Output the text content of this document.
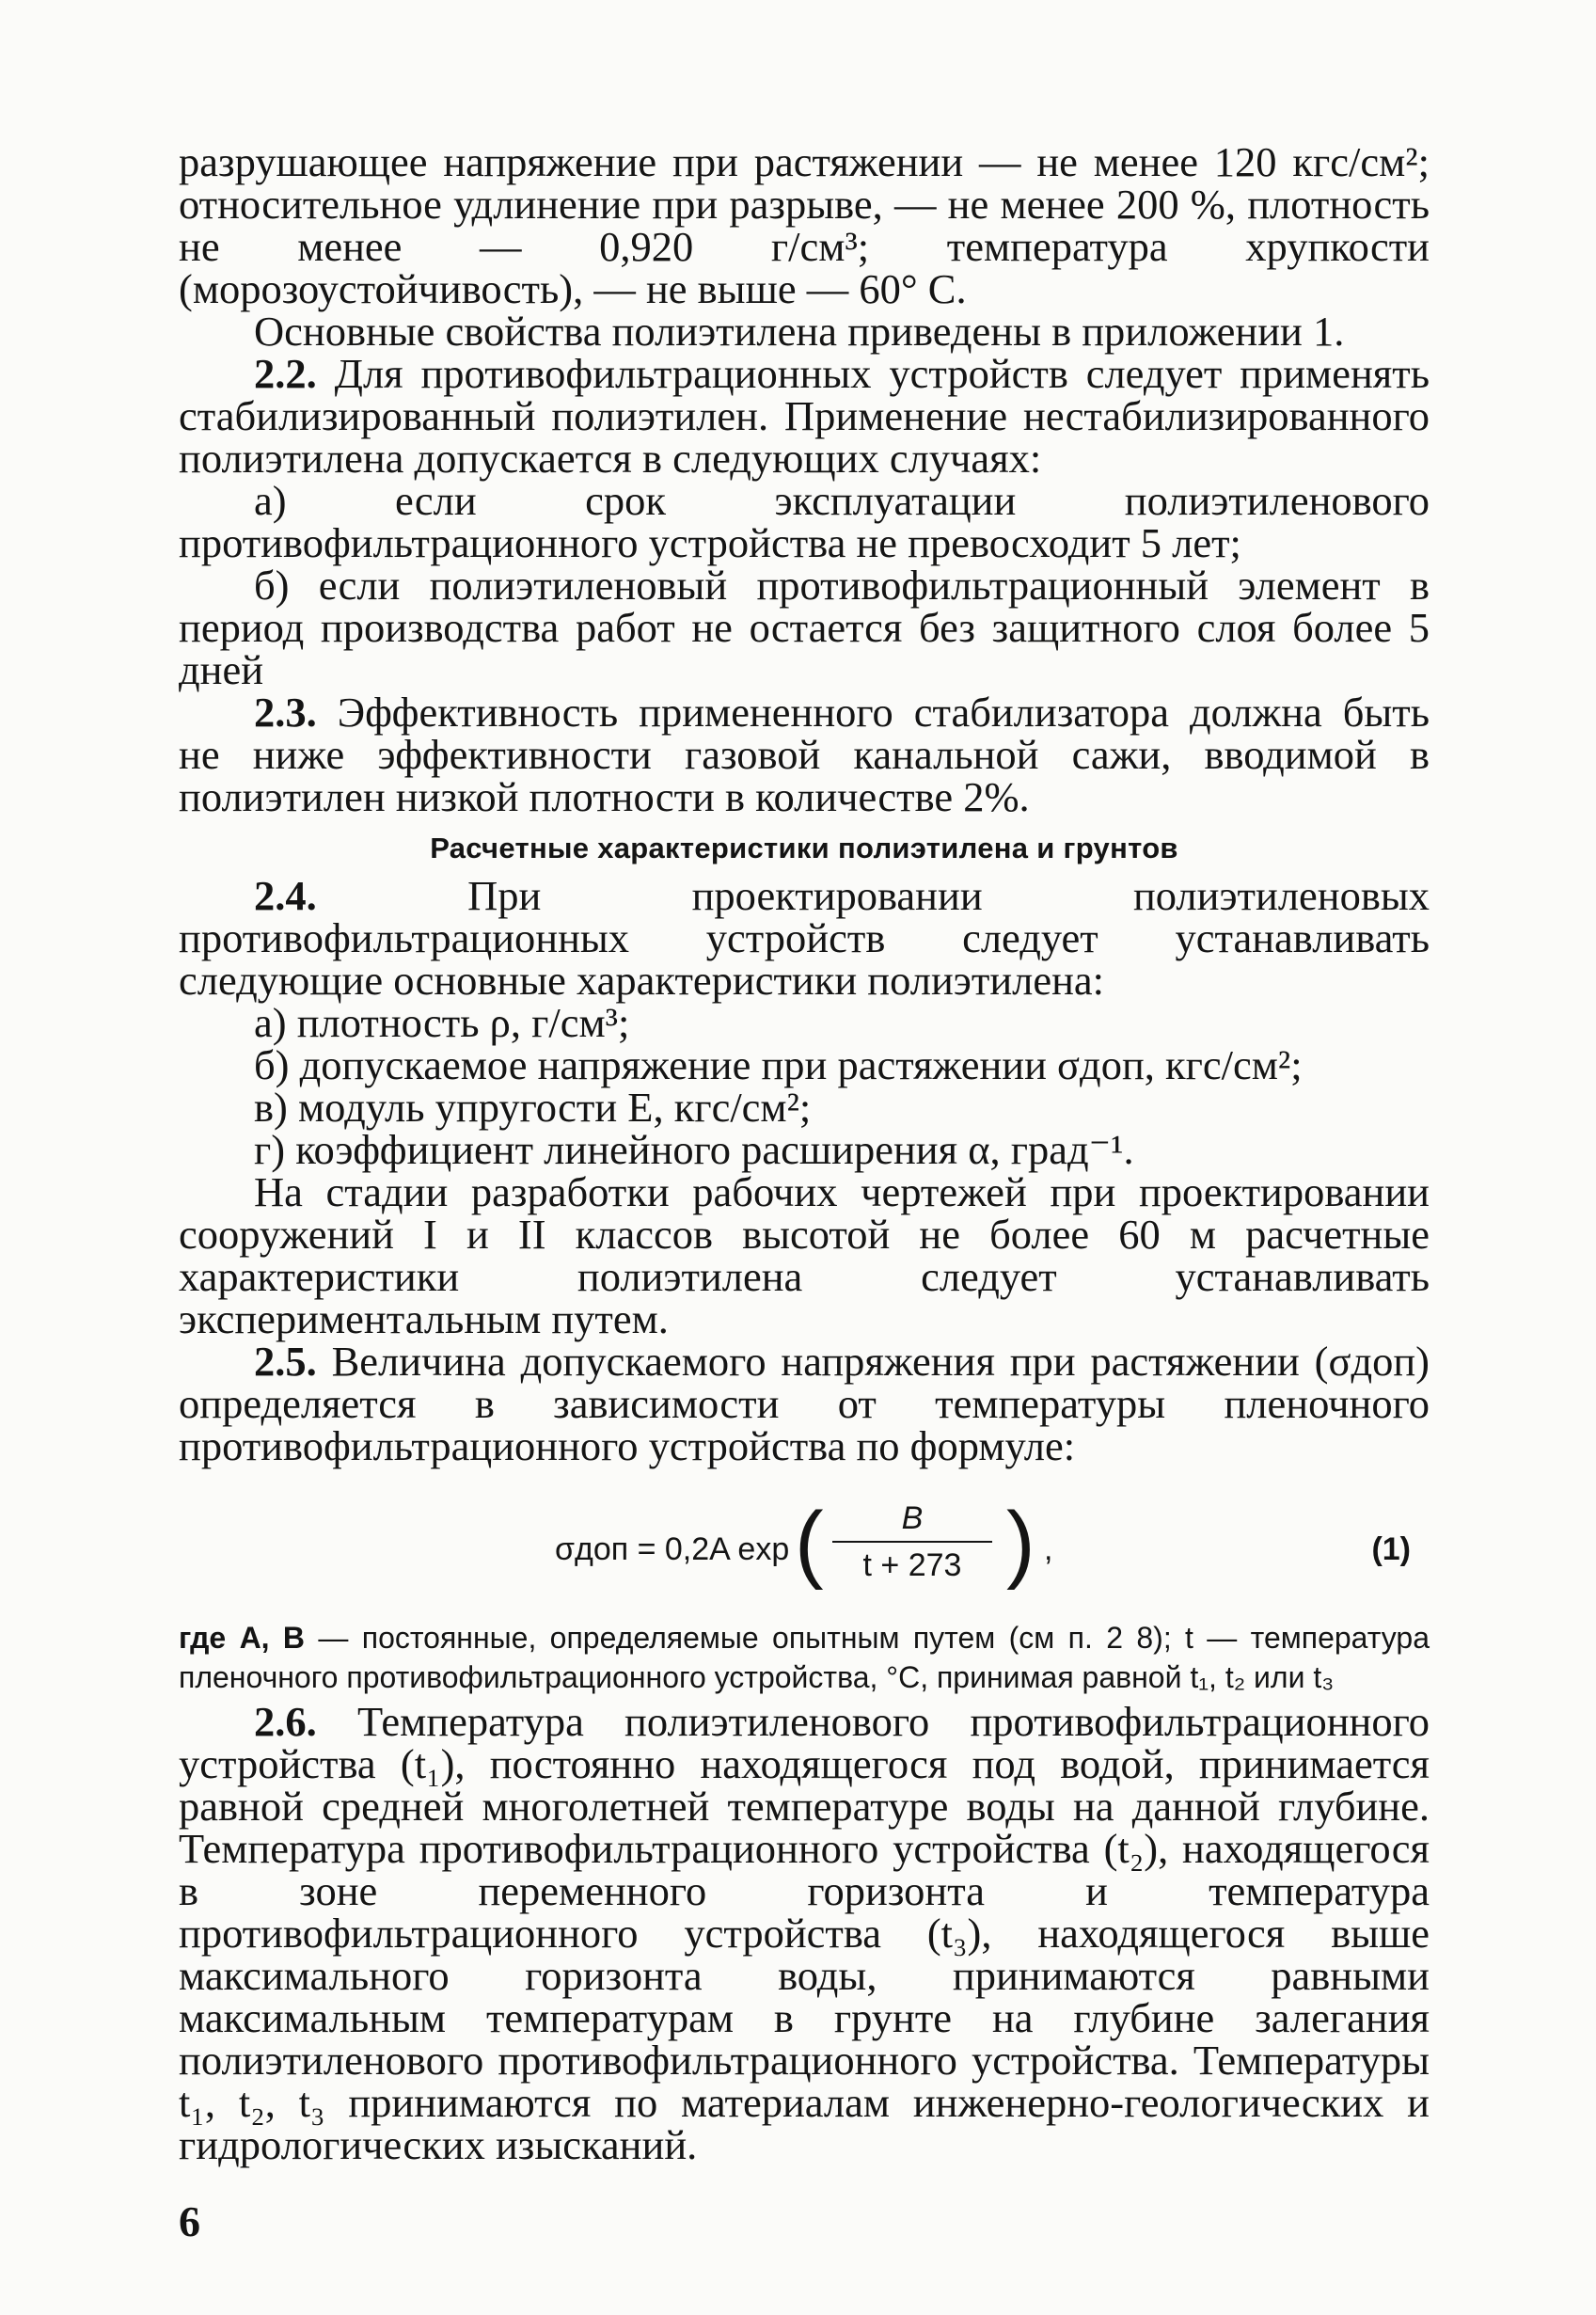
разрушающее напряжение при растяжении — не менее 120 кгс/см²; относительное удлинение при разрыве, — не менее 200 %, плотность не менее — 0,920 г/см³; температура хрупкости (морозоустойчивость), — не выше — 60° С.

Основные свойства полиэтилена приведены в приложении 1.

2.2. Для противофильтрационных устройств следует применять стабилизированный полиэтилен. Применение нестабилизированного полиэтилена допускается в следующих случаях:

а) если срок эксплуатации полиэтиленового противофильтрационного устройства не превосходит 5 лет;

б) если полиэтиленовый противофильтрационный элемент в период производства работ не остается без защитного слоя более 5 дней

2.3. Эффективность примененного стабилизатора должна быть не ниже эффективности газовой канальной сажи, вводимой в полиэтилен низкой плотности в количестве 2%.

Расчетные характеристики полиэтилена и грунтов

2.4.	При проектировании полиэтиленовых противофильтрационных устройств следует устанавливать следующие основные характеристики полиэтилена:

а) плотность ρ, г/см³;

б) допускаемое напряжение при растяжении σдоп, кгс/см²;

в) модуль упругости E, кгс/см²;

г) коэффициент линейного расширения α, град⁻¹.

На стадии разработки рабочих чертежей при проектировании сооружений I и II классов высотой не более 60 м расчетные характеристики полиэтилена следует устанавливать экспериментальным путем.

2.5. Величина допускаемого напряжения при растяжении (σдоп) определяется в зависимости от температуры пленочного противофильтрационного устройства по формуле:

σдоп = 0,2A exp (	B
t + 273 ) ,	(1)

где A, B — постоянные, определяемые опытным путем (см п. 2 8); t — температура пленочного противофильтрационного устройства, °С, принимая равной t₁, t₂ или t₃

2.6. Температура полиэтиленового противофильтрационного устройства (t₁), постоянно находящегося под водой, принимается равной средней многолетней температуре воды на данной глубине. Температура противофильтрационного устройства (t₂), находящегося в зоне переменного горизонта и температура противофильтрационного устройства (t₃), находящегося выше максимального горизонта воды, принимаются равными максимальным температурам в грунте на глубине залегания полиэтиленового противофильтрационного устройства. Температуры t₁, t₂, t₃ принимаются по материалам инженерно-геологических и гидрологических изысканий.

6
